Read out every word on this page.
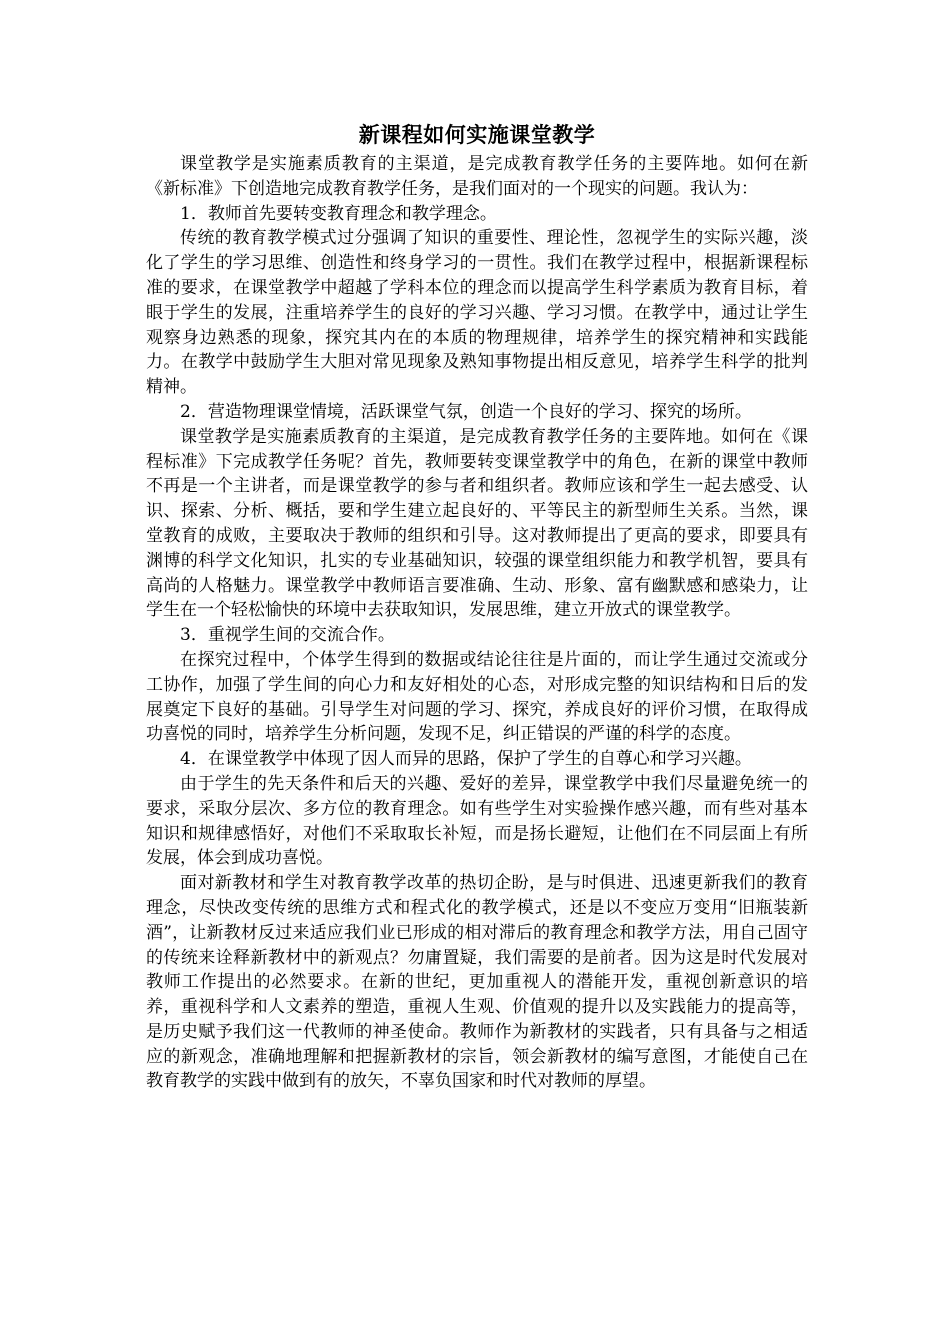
新课程如何实施课堂教学

课堂教学是实施素质教育的主渠道，是完成教育教学任务的主要阵地。如何在新《新标准》下创造地完成教育教学任务，是我们面对的一个现实的问题。我认为：

1．教师首先要转变教育理念和教学理念。

传统的教育教学模式过分强调了知识的重要性、理论性，忽视学生的实际兴趣，淡化了学生的学习思维、创造性和终身学习的一贯性。我们在教学过程中，根据新课程标准的要求，在课堂教学中超越了学科本位的理念而以提高学生科学素质为教育目标，着眼于学生的发展，注重培养学生的良好的学习兴趣、学习习惯。在教学中，通过让学生观察身边熟悉的现象，探究其内在的本质的物理规律，培养学生的探究精神和实践能力。在教学中鼓励学生大胆对常见现象及熟知事物提出相反意见，培养学生科学的批判精神。

2．营造物理课堂情境，活跃课堂气氛，创造一个良好的学习、探究的场所。

课堂教学是实施素质教育的主渠道，是完成教育教学任务的主要阵地。如何在《课程标准》下完成教学任务呢？首先，教师要转变课堂教学中的角色，在新的课堂中教师不再是一个主讲者，而是课堂教学的参与者和组织者。教师应该和学生一起去感受、认识、探索、分析、概括，要和学生建立起良好的、平等民主的新型师生关系。当然，课堂教育的成败，主要取决于教师的组织和引导。这对教师提出了更高的要求，即要具有渊博的科学文化知识，扎实的专业基础知识，较强的课堂组织能力和教学机智，要具有高尚的人格魅力。课堂教学中教师语言要准确、生动、形象、富有幽默感和感染力，让学生在一个轻松愉快的环境中去获取知识，发展思维，建立开放式的课堂教学。

3．重视学生间的交流合作。

在探究过程中，个体学生得到的数据或结论往往是片面的，而让学生通过交流或分工协作，加强了学生间的向心力和友好相处的心态，对形成完整的知识结构和日后的发展奠定下良好的基础。引导学生对问题的学习、探究，养成良好的评价习惯，在取得成功喜悦的同时，培养学生分析问题，发现不足，纠正错误的严谨的科学的态度。

4．在课堂教学中体现了因人而异的思路，保护了学生的自尊心和学习兴趣。

由于学生的先天条件和后天的兴趣、爱好的差异，课堂教学中我们尽量避免统一的要求，采取分层次、多方位的教育理念。如有些学生对实验操作感兴趣，而有些对基本知识和规律感悟好，对他们不采取取长补短，而是扬长避短，让他们在不同层面上有所发展，体会到成功喜悦。

面对新教材和学生对教育教学改革的热切企盼，是与时俱进、迅速更新我们的教育理念，尽快改变传统的思维方式和程式化的教学模式，还是以不变应万变用“旧瓶装新酒”，让新教材反过来适应我们业已形成的相对滞后的教育理念和教学方法，用自己固守的传统来诠释新教材中的新观点？勿庸置疑，我们需要的是前者。因为这是时代发展对教师工作提出的必然要求。在新的世纪，更加重视人的潜能开发，重视创新意识的培养，重视科学和人文素养的塑造，重视人生观、价值观的提升以及实践能力的提高等，是历史赋予我们这一代教师的神圣使命。教师作为新教材的实践者，只有具备与之相适应的新观念，准确地理解和把握新教材的宗旨，领会新教材的编写意图，才能使自己在教育教学的实践中做到有的放矢，不辜负国家和时代对教师的厚望。
